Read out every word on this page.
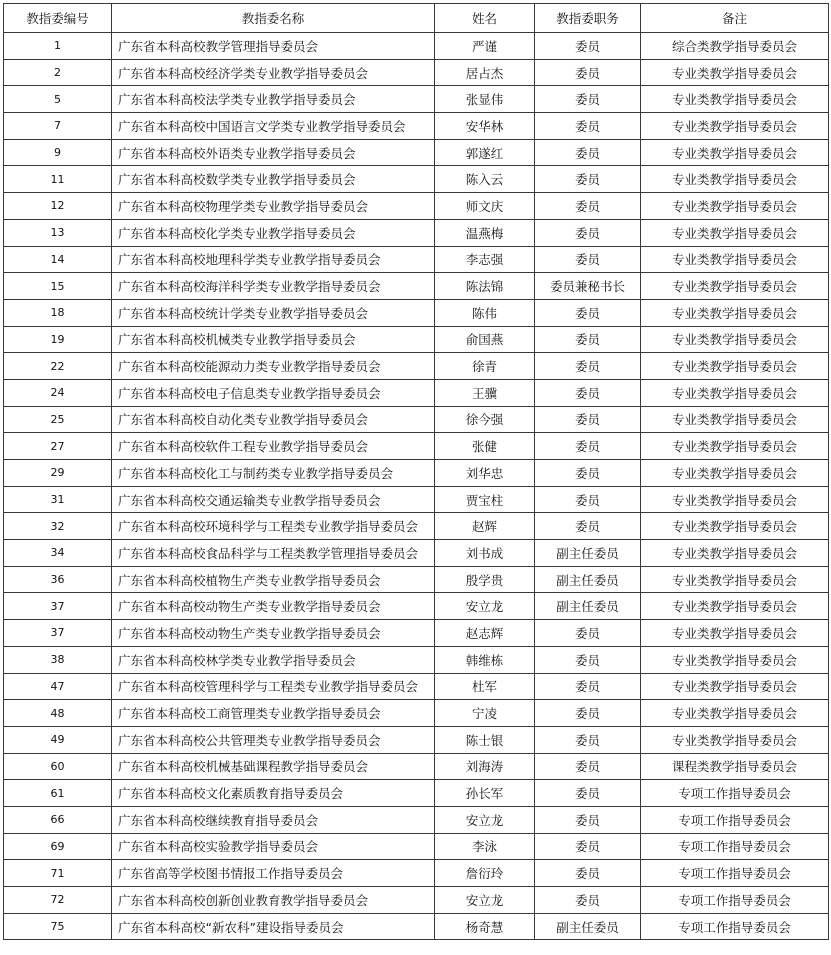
教指委编号	教指委名称	姓名	教指委职务	备注
1	广东省本科高校教学管理指导委员会	严谨	委员	综合类教学指导委员会
2	广东省本科高校经济学类专业教学指导委员会	居占杰	委员	专业类教学指导委员会
5	广东省本科高校法学类专业教学指导委员会	张显伟	委员	专业类教学指导委员会
7	广东省本科高校中国语言文学类专业教学指导委员会	安华林	委员	专业类教学指导委员会
9	广东省本科高校外语类专业教学指导委员会	郭遂红	委员	专业类教学指导委员会
11	广东省本科高校数学类专业教学指导委员会	陈入云	委员	专业类教学指导委员会
12	广东省本科高校物理学类专业教学指导委员会	师文庆	委员	专业类教学指导委员会
13	广东省本科高校化学类专业教学指导委员会	温燕梅	委员	专业类教学指导委员会
14	广东省本科高校地理科学类专业教学指导委员会	李志强	委员	专业类教学指导委员会
15	广东省本科高校海洋科学类专业教学指导委员会	陈法锦	委员兼秘书长	专业类教学指导委员会
18	广东省本科高校统计学类专业教学指导委员会	陈伟	委员	专业类教学指导委员会
19	广东省本科高校机械类专业教学指导委员会	俞国燕	委员	专业类教学指导委员会
22	广东省本科高校能源动力类专业教学指导委员会	徐青	委员	专业类教学指导委员会
24	广东省本科高校电子信息类专业教学指导委员会	王骥	委员	专业类教学指导委员会
25	广东省本科高校自动化类专业教学指导委员会	徐今强	委员	专业类教学指导委员会
27	广东省本科高校软件工程专业教学指导委员会	张健	委员	专业类教学指导委员会
29	广东省本科高校化工与制药类专业教学指导委员会	刘华忠	委员	专业类教学指导委员会
31	广东省本科高校交通运输类专业教学指导委员会	贾宝柱	委员	专业类教学指导委员会
32	广东省本科高校环境科学与工程类专业教学指导委员会	赵辉	委员	专业类教学指导委员会
34	广东省本科高校食品科学与工程类教学管理指导委员会	刘书成	副主任委员	专业类教学指导委员会
36	广东省本科高校植物生产类专业教学指导委员会	殷学贵	副主任委员	专业类教学指导委员会
37	广东省本科高校动物生产类专业教学指导委员会	安立龙	副主任委员	专业类教学指导委员会
37	广东省本科高校动物生产类专业教学指导委员会	赵志辉	委员	专业类教学指导委员会
38	广东省本科高校林学类专业教学指导委员会	韩维栋	委员	专业类教学指导委员会
47	广东省本科高校管理科学与工程类专业教学指导委员会	杜军	委员	专业类教学指导委员会
48	广东省本科高校工商管理类专业教学指导委员会	宁凌	委员	专业类教学指导委员会
49	广东省本科高校公共管理类专业教学指导委员会	陈士银	委员	专业类教学指导委员会
60	广东省本科高校机械基础课程教学指导委员会	刘海涛	委员	课程类教学指导委员会
61	广东省本科高校文化素质教育指导委员会	孙长军	委员	专项工作指导委员会
66	广东省本科高校继续教育指导委员会	安立龙	委员	专项工作指导委员会
69	广东省本科高校实验教学指导委员会	李泳	委员	专项工作指导委员会
71	广东省高等学校图书情报工作指导委员会	詹衍玲	委员	专项工作指导委员会
72	广东省本科高校创新创业教育教学指导委员会	安立龙	委员	专项工作指导委员会
75	广东省本科高校“新农科”建设指导委员会	杨奇慧	副主任委员	专项工作指导委员会
